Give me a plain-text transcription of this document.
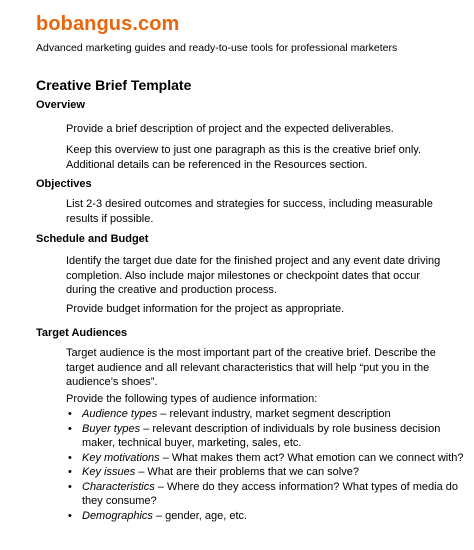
bobangus.com
Advanced marketing guides and ready-to-use tools for professional marketers
Creative Brief Template
Overview
Provide a brief description of project and the expected deliverables.
Keep this overview to just one paragraph as this is the creative brief only. Additional details can be referenced in the Resources section.
Objectives
List 2-3 desired outcomes and strategies for success, including measurable results if possible.
Schedule and Budget
Identify the target due date for the finished project and any event date driving completion. Also include major milestones or checkpoint dates that occur during the creative and production process.
Provide budget information for the project as appropriate.
Target Audiences
Target audience is the most important part of the creative brief. Describe the target audience and all relevant characteristics that will help “put you in the audience’s shoes”.
Provide the following types of audience information:
• Audience types – relevant industry, market segment description
• Buyer types – relevant description of individuals by role business decision maker, technical buyer, marketing, sales, etc.
• Key motivations – What makes them act? What emotion can we connect with?
• Key issues – What are their problems that we can solve?
• Characteristics – Where do they access information? What types of media do they consume?
• Demographics – gender, age, etc.
